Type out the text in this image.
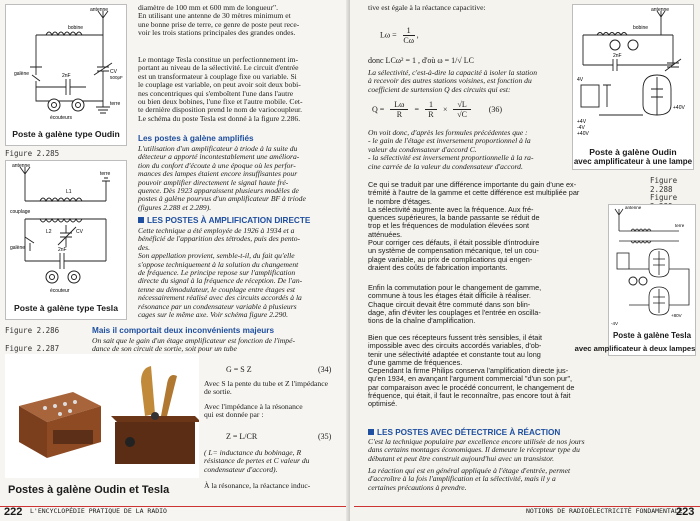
antenne
bobine
galène	CV
500pF
2nF
terre
écouteurs
Poste à galène type Oudin
Figure 2.285
antenne
terre
L1
couplage
L2	CV
galène	2nF
écouteur
Poste à galène type Tesla
Figure 2.286
Figure 2.287

diamètre de 100 mm et 600 mm de longueur".

En utilisant une antenne de 30 mètres minimum et

une bonne prise de terre, ce genre de poste peut rece-

voir les trois stations principales des grandes ondes.

Le montage Tesla constitue un perfectionnement im-

portant au niveau de la sélectivité. Le circuit d'entrée

est un transformateur à couplage fixe ou variable. Si

le couplage est variable, on peut avoir soit deux bobi-

nes concentriques qui s'emboîtent l'une dans l'autre

ou bien deux bobines, l'une fixe et l'autre mobile. Cet-

te dernière disposition prend le nom de variocoupleur.

Le schéma du poste Tesla est donné à la figure 2.286.

Les postes à galène amplifiés

L'utilisation d'un amplificateur à triode à la suite du

détecteur a apporté incontestablement une améliora-

tion du confort d'écoute à une époque où les perfor-

mances des lampes étaient encore insuffisantes pour

pouvoir amplifier directement le signal haute fré-

quence. Dès 1923 apparaissent plusieurs modèles de

postes à galène pourvus d'un amplificateur BF à triode

(figures 2.288 et 2.289).

LES POSTES À AMPLIFICATION DIRECTE

Cette technique a été employée de 1926 à 1934 et a

bénéficié de l'apparition des tétrodes, puis des pento-

des.

Son appellation provient, semble-t-il, du fait qu'elle

s'oppose techniquement à la solution du changement

de fréquence. Le principe repose sur l'amplification

directe du signal à la fréquence de réception. De l'an-

tenne au démodulateur, le couplage entre étages est

nécessairement réalisé avec des circuits accordés à la

résonance par un condensateur variable à plusieurs

cages sur le même axe. Voir schéma figure 2.290.

Mais il comportait deux inconvénients majeurs

On sait que le gain d'un étage amplificateur est fonction de l'impé-

dance de son circuit de sortie, soit pour un tube

G = S Z	(34)

Avec S la pente du tube et Z l'impédance

de sortie.

Avec l'impédance à la résonance

qui est donnée par :

Z = L/CR	(35)

( L= inductance du bobinage, R

résistance de pertes et C valeur du

condensateur d'accord).

À la résonance, la réactance induc-
Postes à galène Oudin et Tesla
222 L'ENCYCLOPÉDIE PRATIQUE DE LA RADIO
tive est égale à la réactance capacitive:
$L\omega = \frac{1}{C\omega}$ ,
donc LCω² = 1 , d'où ω = 1/√ LC

La sélectivité, c'est-à-dire la capacité à isoler la station

à recevoir des autres stations voisines, est fonction du

coefficient de surtension Q des circuits qui est:

$Q = \frac{L\omega}{R} = \frac{1}{R} \times \frac{√L}{√C} (36)$

On voit donc, d'après les formules précédentes que :

- le gain de l'étage est inversement proportionnel à la

valeur du condensateur d'accord C.

- la sélectivité est inversement proportionnelle à la ra-

cine carrée de la valeur du condensateur d'accord.

Ce qui se traduit par une différence importante du gain d'une ex-

trémité à l'autre de la gamme et cette différence est multipliée par

le nombre d'étages.

La sélectivité augmente avec la fréquence. Aux fré-

quences supérieures, la bande passante se réduit de

trop et les fréquences de modulation élevées sont

atténuées.

Pour corriger ces défauts, il était possible d'introduire

un système de compensation mécanique, tel un cou-

plage variable, au prix de complications qui engen-

draient des coûts de fabrication importants.

Enfin la commutation pour le changement de gamme,

commune à tous les étages était difficile à réaliser.

Chaque circuit devait être commuté dans son blin-

dage, afin d'éviter les couplages et l'entrée en oscilla-

tions de la chaîne d'amplification.

Bien que ces récepteurs fussent très sensibles, il était

impossible avec des circuits accordés variables, d'ob-

tenir une sélectivité adaptée et constante tout au long

d'une gamme de fréquences.

Cependant la firme Philips conserva l'amplification directe jus-

qu'en 1934, en avançant l'argument commercial "d'un son pur",

par comparaison avec le procédé concurrent, le changement de

fréquence, qui était, il faut le reconnaître, pas encore tout à fait

optimisé.

LES POSTES AVEC DÉTECTRICE À RÉACTION

C'est la technique populaire par excellence encore utilisée de nos jours

dans certains montages économiques. Il demeure le récepteur type du

débutant et peut être construit aujourd'hui avec un transistor.

La réaction qui est en général appliquée à l'étage d'entrée, permet

d'accroître à la fois l'amplification et la sélectivité, mais il y a

certaines précautions à prendre.

antenne
bobine
2nF
4V
+40V
+4V
-4V
+40V
Poste à galène Oudin
avec amplificateur à une lampe
Figure 2.288
Figure
antenne
terre
+80V
-4V
Poste à galène Tesla
avec amplificateur à deux lampes
NOTIONS DE RADIOÉLECTRICITÉ FONDAMENTALE
223
